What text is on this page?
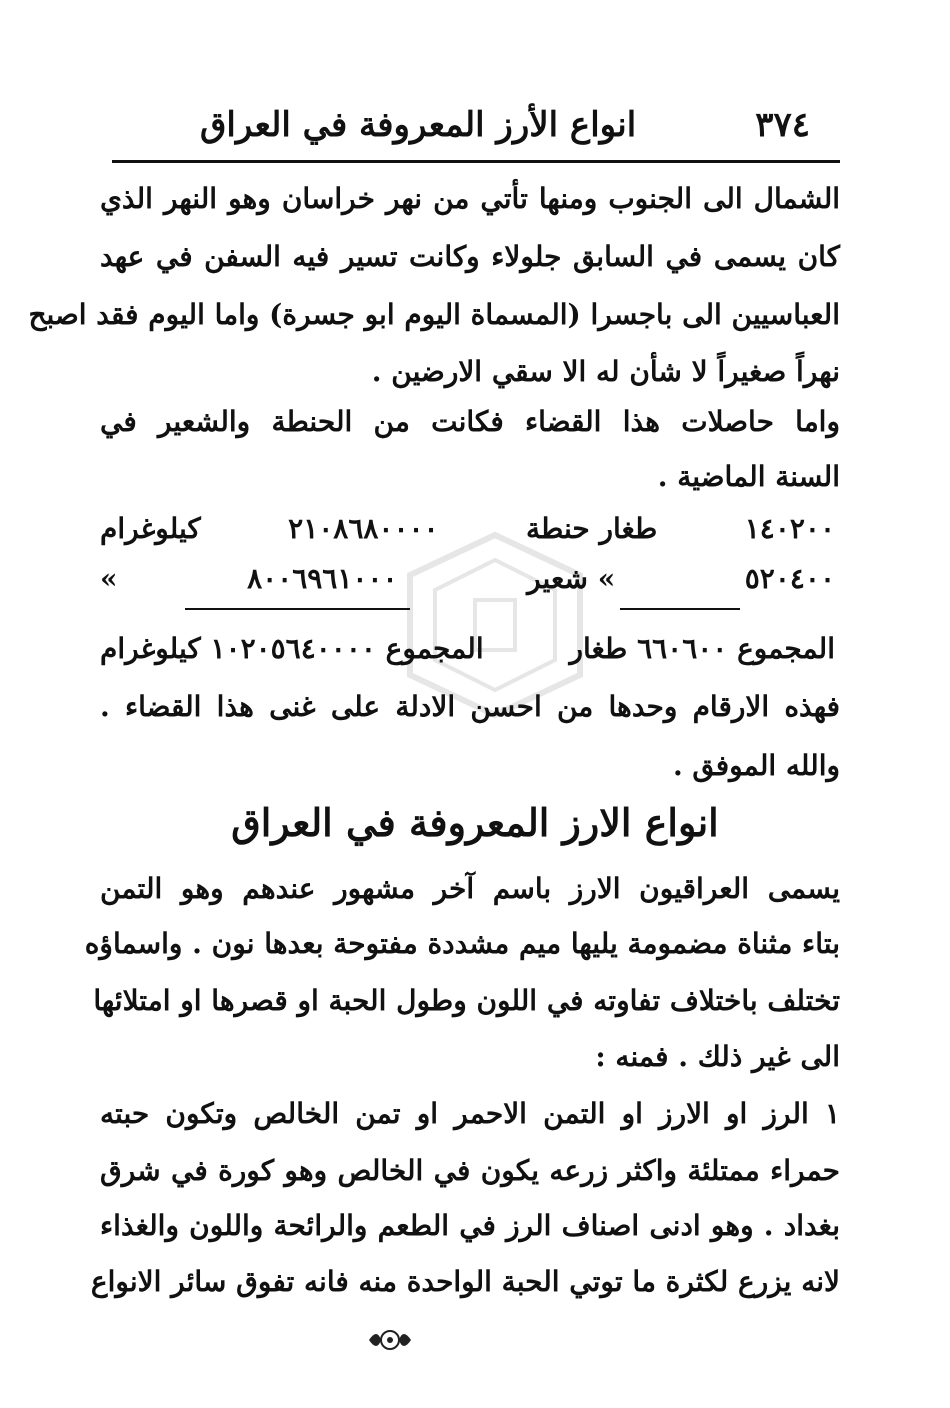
٣٧٤
انواع الأرز المعروفة في العراق
الشمال الى الجنوب ومنها تأتي من نهر خراسان وهو النهر الذي
كان يسمى في السابق جلولاء وكانت تسير فيه السفن في عهد
العباسيين الى باجسرا (المسماة اليوم ابو جسرة) واما اليوم فقد اصبح
نهراً صغيراً لا شأن له الا سقي الارضين .
واما حاصلات هذا القضاء فكانت من الحنطة والشعير في
السنة الماضية .
١٤٠٢٠٠
طغار حنطة
٢١٠٨٦٨٠٠٠٠
كيلوغرام
٥٢٠٤٠٠
» شعير
٨٠٠٦٩٦١٠٠٠
»
المجموع ٦٦٠٦٠٠ طغار
المجموع ١٠٢٠٥٦٤٠٠٠٠ كيلوغرام
فهذه الارقام وحدها من احسن الادلة على غنى هذا القضاء .
والله الموفق .
انواع الارز المعروفة في العراق
يسمى العراقيون الارز باسم آخر مشهور عندهم وهو التمن
بتاء مثناة مضمومة يليها ميم مشددة مفتوحة بعدها نون . واسماؤه
تختلف باختلاف تفاوته في اللون وطول الحبة او قصرها او امتلائها
الى غير ذلك . فمنه :
١ الرز او الارز او التمن الاحمر او تمن الخالص وتكون حبته
حمراء ممتلئة واكثر زرعه يكون في الخالص وهو كورة في شرق
بغداد . وهو ادنى اصناف الرز في الطعم والرائحة واللون والغذاء
لانه يزرع لكثرة ما توتي الحبة الواحدة منه فانه تفوق سائر الانواع
